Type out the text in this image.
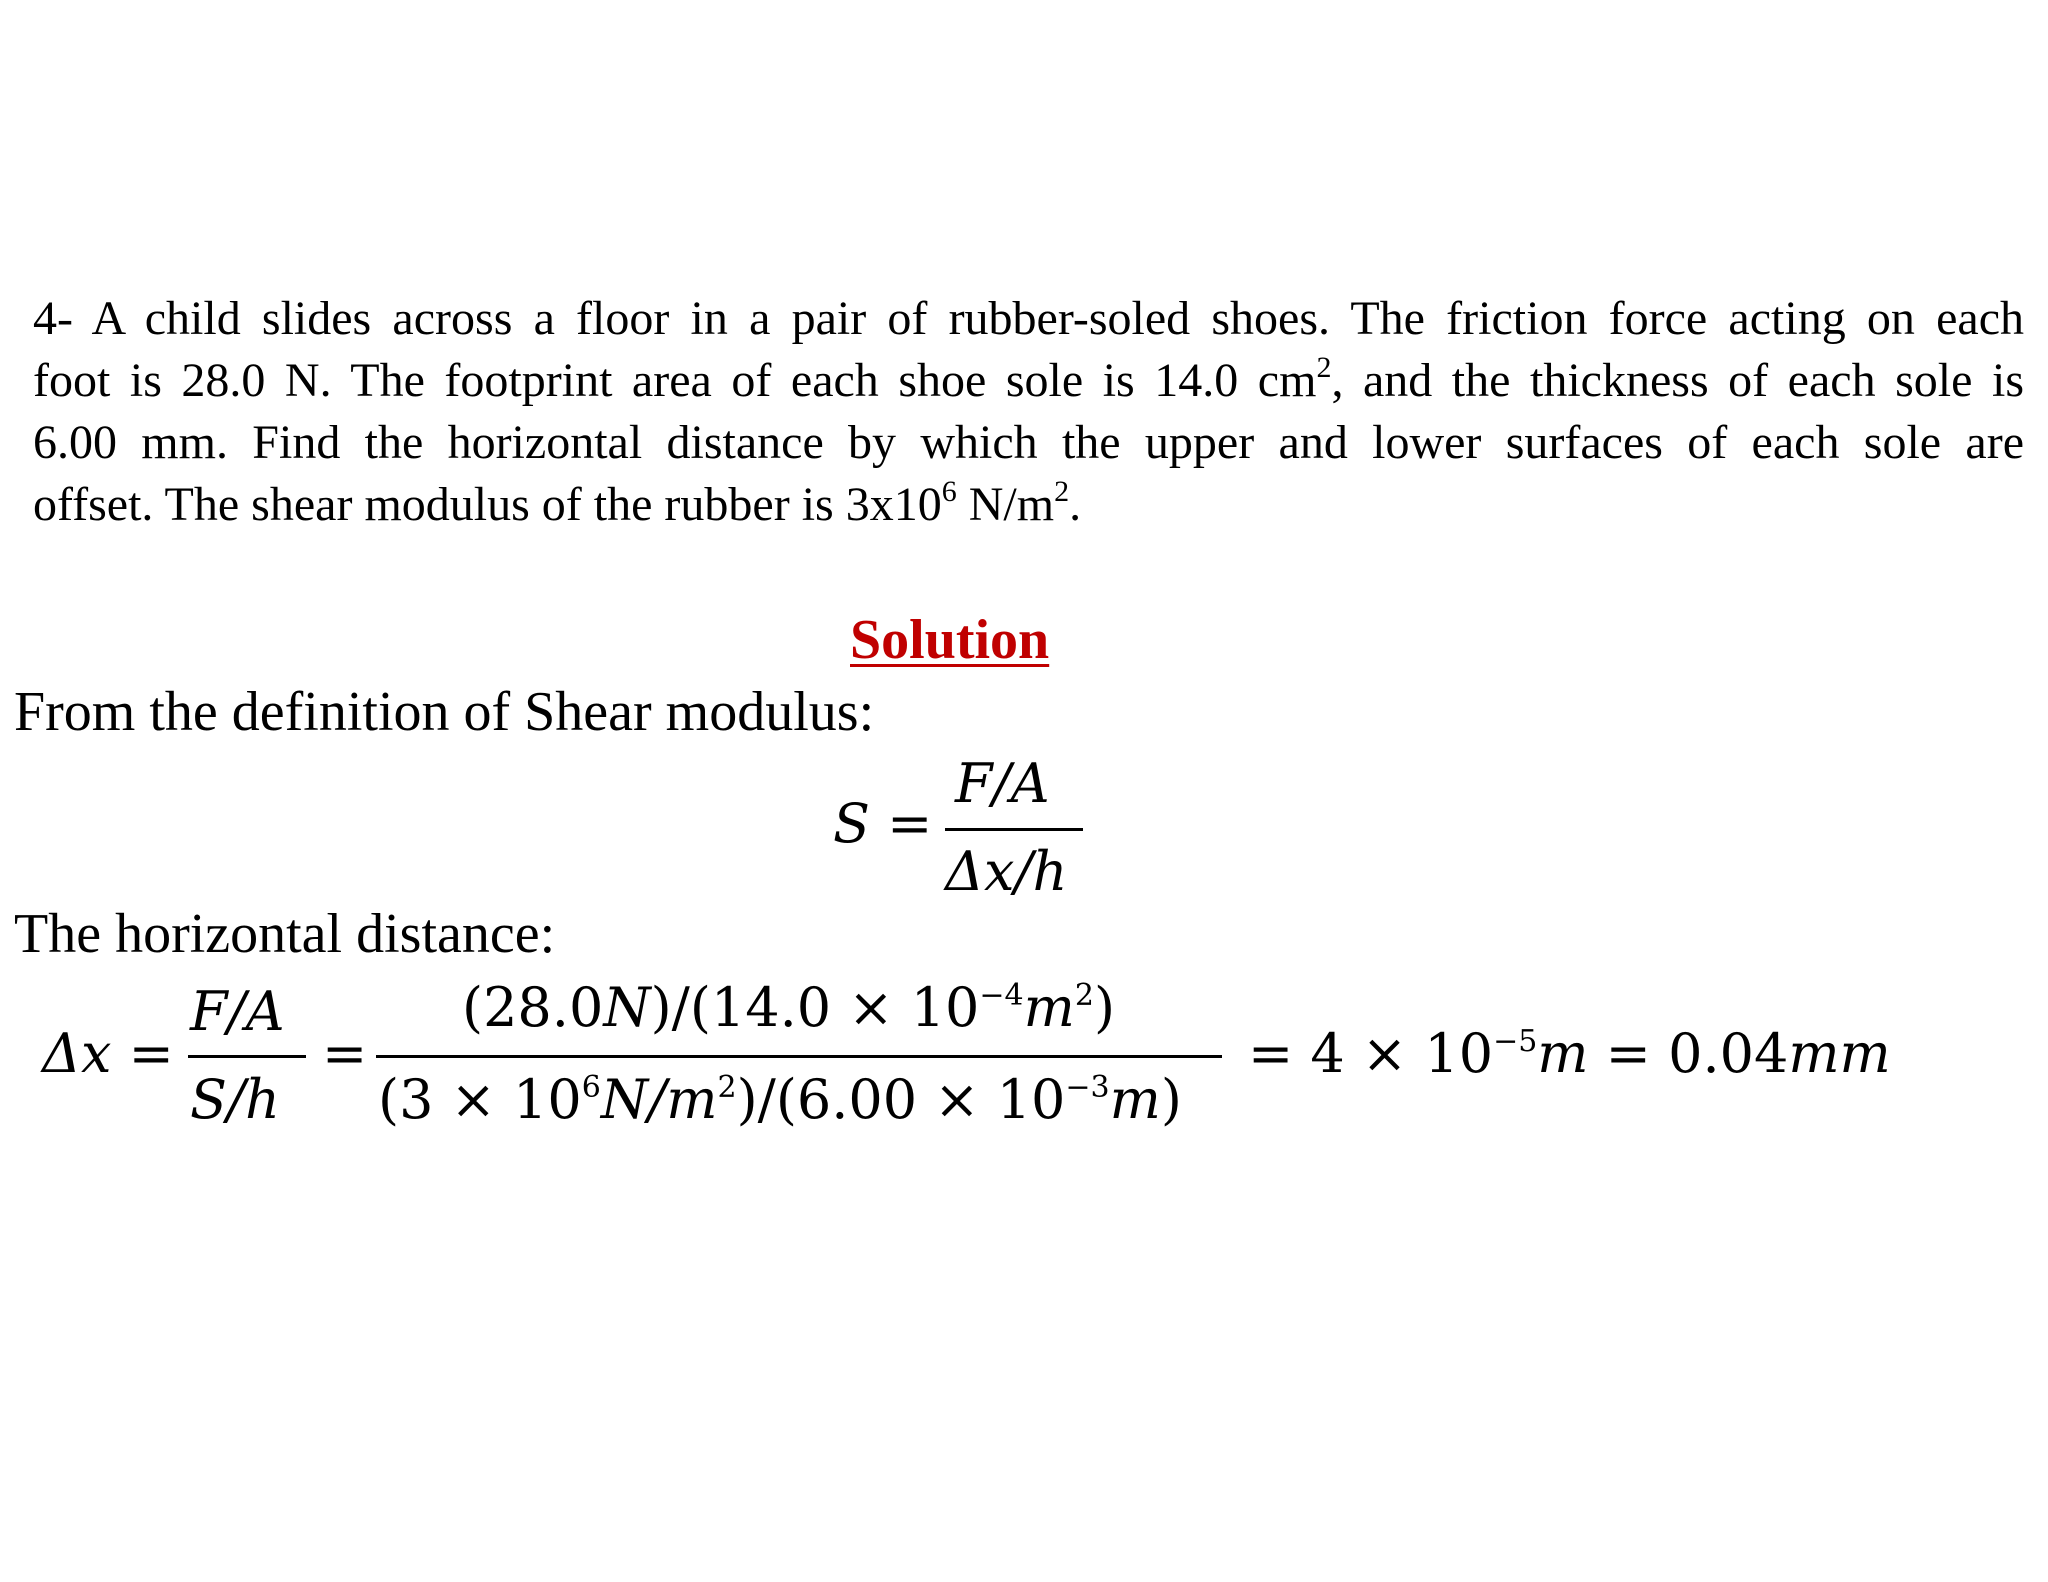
4- A child slides across a floor in a pair of rubber-soled shoes. The friction force acting on each
foot is 28.0 N. The footprint area of each shoe sole is 14.0 $cm^2$, and the thickness of each sole is
6.00 mm. Find the horizontal distance by which the upper and lower surfaces of each sole are
offset. The shear modulus of the rubber is $3x10^6$ $N/m^2$.
Solution
From the definition of Shear modulus:
S =
F/A
Δx/h
The horizontal distance:
Δx =
F/A
S/h
=
$(28.0N)/(14.0 \times 10^{-4}m^2)$
$(3 \times 10^6N/m^2)/(6.00 \times 10^{-3}m)$
= $4 \times 10^{-5}m = 0.04mm$
